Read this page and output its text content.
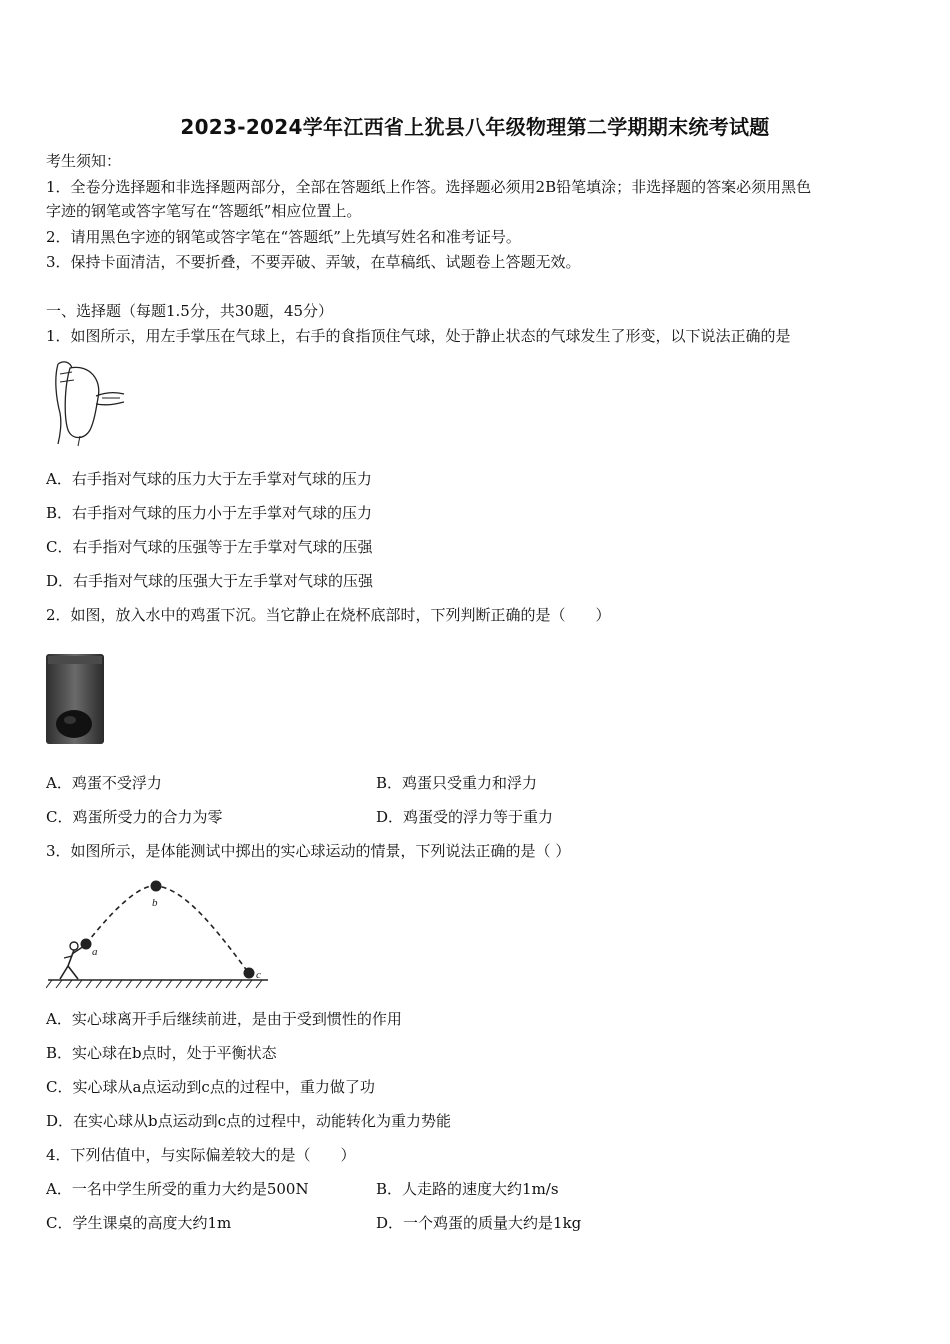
2023-2024学年江西省上犹县八年级物理第二学期期末统考试题
考生须知：
1．全卷分选择题和非选择题两部分，全部在答题纸上作答。选择题必须用2B铅笔填涂；非选择题的答案必须用黑色
字迹的钢笔或答字笔写在“答题纸”相应位置上。
2．请用黑色字迹的钢笔或答字笔在“答题纸”上先填写姓名和准考证号。
3．保持卡面清洁，不要折叠，不要弄破、弄皱，在草稿纸、试题卷上答题无效。
一、选择题（每题1.5分，共30题，45分）
1．如图所示，用左手掌压在气球上，右手的食指顶住气球，处于静止状态的气球发生了形变，以下说法正确的是
A．右手指对气球的压力大于左手掌对气球的压力
B．右手指对气球的压力小于左手掌对气球的压力
C．右手指对气球的压强等于左手掌对气球的压强
D．右手指对气球的压强大于左手掌对气球的压强
2．如图，放入水中的鸡蛋下沉。当它静止在烧杯底部时，下列判断正确的是（　　）
A．鸡蛋不受浮力	B．鸡蛋只受重力和浮力
C．鸡蛋所受力的合力为零	D．鸡蛋受的浮力等于重力
3．如图所示，是体能测试中掷出的实心球运动的情景，下列说法正确的是（ ）
a
b
c
A．实心球离开手后继续前进，是由于受到惯性的作用
B．实心球在b点时，处于平衡状态
C．实心球从a点运动到c点的过程中，重力做了功
D．在实心球从b点运动到c点的过程中，动能转化为重力势能
4．下列估值中，与实际偏差较大的是（　　）
A．一名中学生所受的重力大约是500N	B．人走路的速度大约1m/s
C．学生课桌的高度大约1m	D．一个鸡蛋的质量大约是1kg
